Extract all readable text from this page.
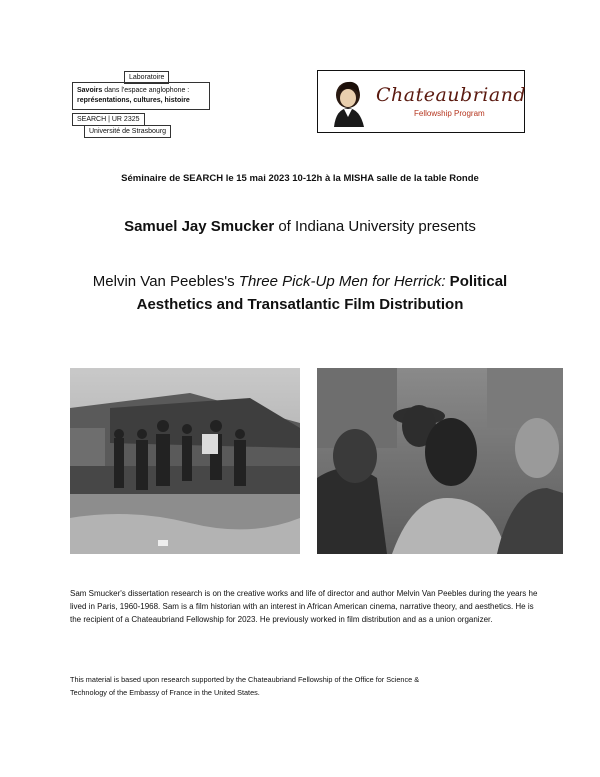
Laboratoire
Savoirs dans l'espace anglophone :
représentations, cultures, histoire
SEARCH | UR 2325
Université de Strasbourg
Chateaubriand
Fellowship Program
Séminaire de SEARCH le 15 mai 2023 10-12h à la MISHA salle de la table Ronde
Samuel Jay Smucker of Indiana University presents
Melvin Van Peebles's Three Pick-Up Men for Herrick: Political
Aesthetics and Transatlantic Film Distribution
Sam Smucker's dissertation research is on the creative works and life of director and author Melvin Van Peebles during the years he lived in Paris, 1960-1968. Sam is a film historian with an interest in African American cinema, narrative theory, and aesthetics. He is the recipient of a Chateaubriand Fellowship for 2023. He previously worked in film distribution and as a union organizer.
This material is based upon research supported by the Chateaubriand Fellowship of the Office for Science &
Technology of the Embassy of France in the United States.
